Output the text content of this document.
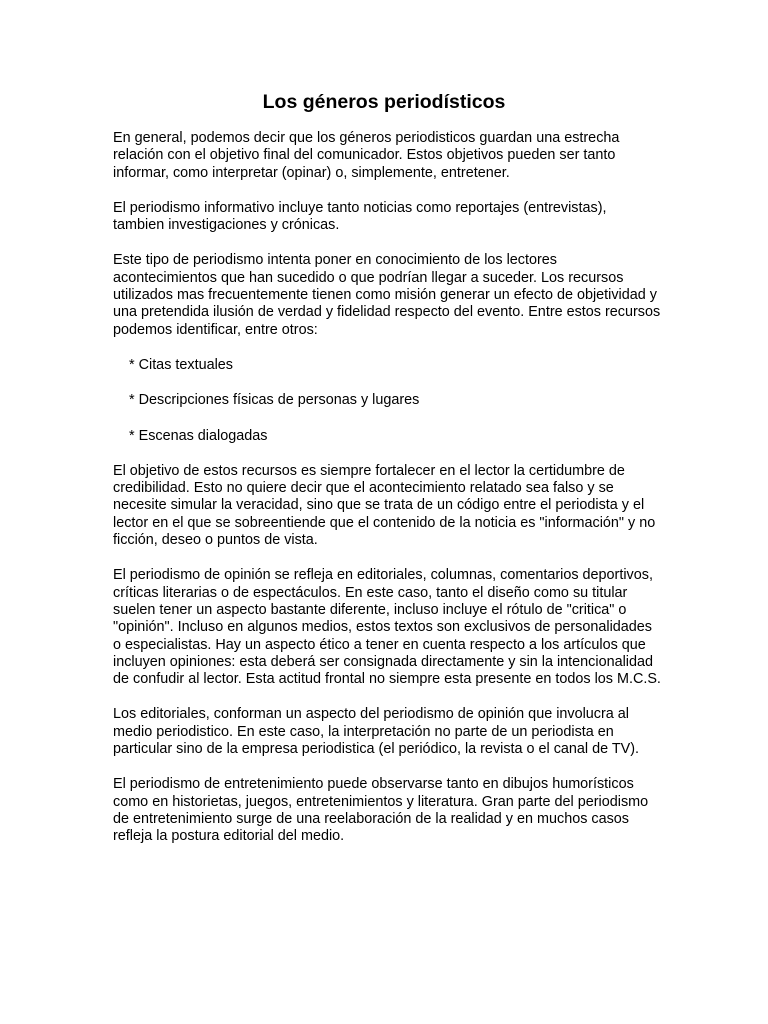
Los géneros periodísticos

En general, podemos decir que los géneros periodisticos guardan una estrecha relación con el objetivo final del comunicador. Estos objetivos pueden ser tanto informar, como interpretar (opinar) o, simplemente, entretener.

El periodismo informativo incluye tanto noticias como reportajes (entrevistas), tambien investigaciones y crónicas.

Este tipo de periodismo intenta poner en conocimiento de los lectores acontecimientos que han sucedido o que podrían llegar a suceder. Los recursos utilizados mas frecuentemente tienen como misión generar un efecto de objetividad y una pretendida ilusión de verdad y fidelidad respecto del evento. Entre estos recursos podemos identificar, entre otros:

* Citas textuales

* Descripciones físicas de personas y lugares

* Escenas dialogadas

El objetivo de estos recursos es siempre fortalecer en el lector la certidumbre de credibilidad. Esto no quiere decir que el acontecimiento relatado sea falso y se necesite simular la veracidad, sino que se trata de un código entre el periodista y el lector en el que se sobreentiende que el contenido de la noticia es "información" y no ficción, deseo o puntos de vista.

El periodismo de opinión se refleja en editoriales, columnas, comentarios deportivos, críticas literarias o de espectáculos. En este caso, tanto el diseño como su titular suelen tener un aspecto bastante diferente, incluso incluye el rótulo de "critica" o "opinión". Incluso en algunos medios, estos textos son exclusivos de personalidades o especialistas. Hay un aspecto ético a tener en cuenta respecto a los artículos que incluyen opiniones: esta deberá ser consignada directamente y sin la intencionalidad de confudir al lector. Esta actitud frontal no siempre esta presente en todos los M.C.S.

Los editoriales, conforman un aspecto del periodismo de opinión que involucra al medio periodistico. En este caso, la interpretación no parte de un periodista en particular sino de la empresa periodistica (el periódico, la revista o el canal de TV).

El periodismo de entretenimiento puede observarse tanto en dibujos humorísticos como en historietas, juegos, entretenimientos y literatura. Gran parte del periodismo de entretenimiento surge de una reelaboración de la realidad y en muchos casos refleja la postura editorial del medio.
